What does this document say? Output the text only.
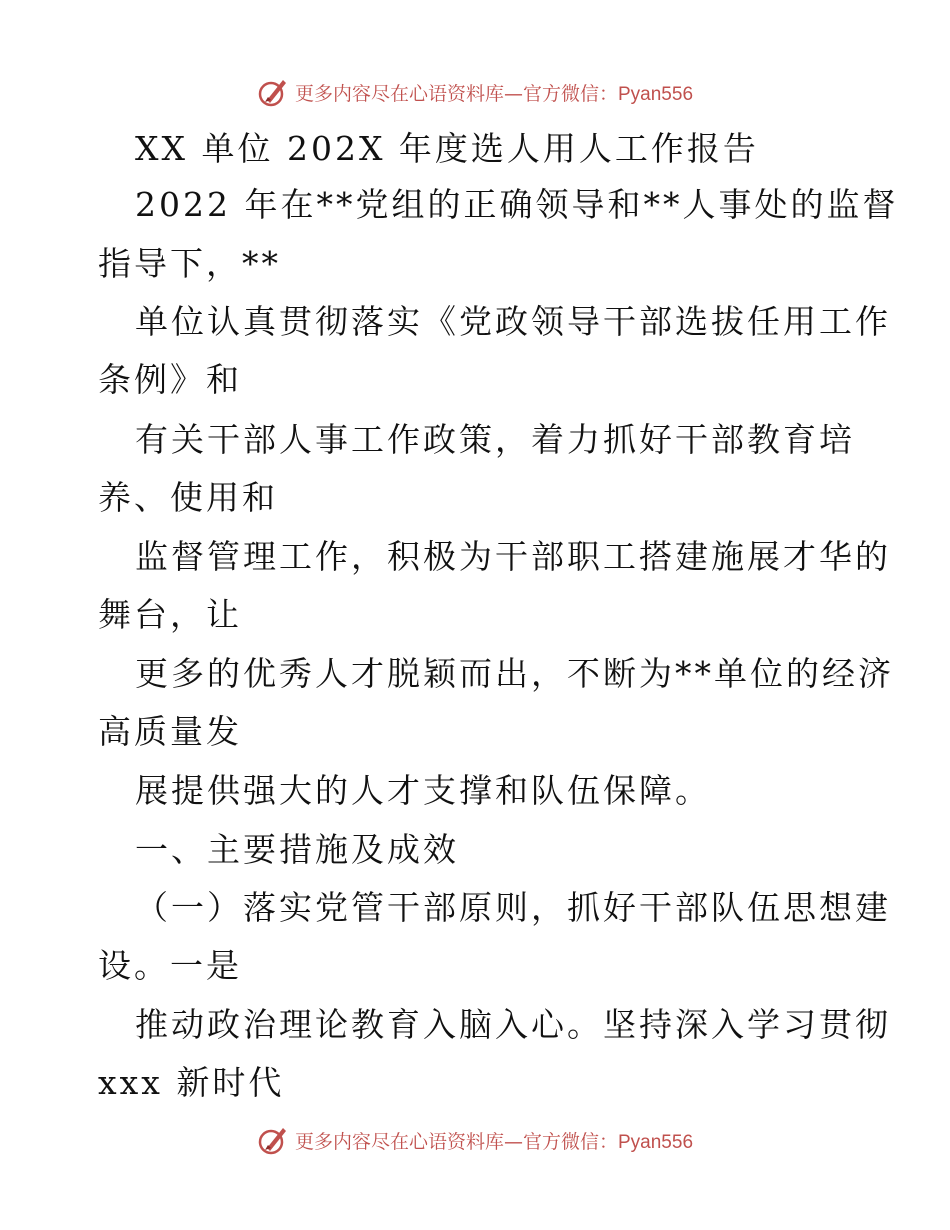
更多内容尽在心语资料库—官方微信：Pyan556
XX 单位 202X 年度选人用人工作报告
2022 年在**党组的正确领导和**人事处的监督
指导下，**
单位认真贯彻落实《党政领导干部选拔任用工作
条例》和
有关干部人事工作政策，着力抓好干部教育培
养、使用和
监督管理工作，积极为干部职工搭建施展才华的
舞台，让
更多的优秀人才脱颖而出，不断为**单位的经济
高质量发
展提供强大的人才支撑和队伍保障。
一、主要措施及成效
（一）落实党管干部原则，抓好干部队伍思想建
设。一是
推动政治理论教育入脑入心。坚持深入学习贯彻
xxx 新时代
更多内容尽在心语资料库—官方微信：Pyan556
